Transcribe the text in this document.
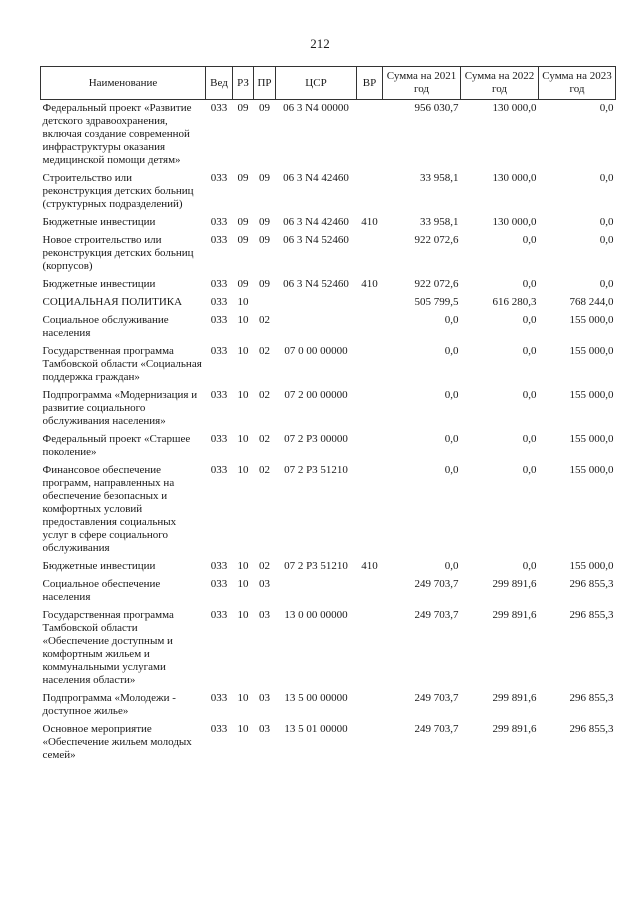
212
Наименование	Вед	РЗ	ПР	ЦСР	ВР	Сумма на 2021 год	Сумма на 2022 год	Сумма на 2023 год
Федеральный проект «Развитие детского здравоохранения, включая создание современной инфраструктуры оказания медицинской помощи детям»	033	09	09	06 3 N4 00000		956 030,7	130 000,0	0,0
Строительство или реконструкция детских больниц (структурных подразделений)	033	09	09	06 3 N4 42460		33 958,1	130 000,0	0,0
Бюджетные инвестиции	033	09	09	06 3 N4 42460	410	33 958,1	130 000,0	0,0
Новое строительство или реконструкция детских больниц (корпусов)	033	09	09	06 3 N4 52460		922 072,6	0,0	0,0
Бюджетные инвестиции	033	09	09	06 3 N4 52460	410	922 072,6	0,0	0,0
СОЦИАЛЬНАЯ ПОЛИТИКА	033	10				505 799,5	616 280,3	768 244,0
Социальное обслуживание населения	033	10	02			0,0	0,0	155 000,0
Государственная программа Тамбовской области «Социальная поддержка граждан»	033	10	02	07 0 00 00000		0,0	0,0	155 000,0
Подпрограмма «Модернизация и развитие социального обслуживания населения»	033	10	02	07 2 00 00000		0,0	0,0	155 000,0
Федеральный проект «Старшее поколение»	033	10	02	07 2 P3 00000		0,0	0,0	155 000,0
Финансовое обеспечение программ, направленных на обеспечение безопасных и комфортных условий предоставления социальных услуг в сфере социального обслуживания	033	10	02	07 2 P3 51210		0,0	0,0	155 000,0
Бюджетные инвестиции	033	10	02	07 2 P3 51210	410	0,0	0,0	155 000,0
Социальное обеспечение населения	033	10	03			249 703,7	299 891,6	296 855,3
Государственная программа Тамбовской области «Обеспечение доступным и комфортным жильем и коммунальными услугами населения области»	033	10	03	13 0 00 00000		249 703,7	299 891,6	296 855,3
Подпрограмма «Молодежи - доступное жилье»	033	10	03	13 5 00 00000		249 703,7	299 891,6	296 855,3
Основное мероприятие «Обеспечение жильем молодых семей»	033	10	03	13 5 01 00000		249 703,7	299 891,6	296 855,3
